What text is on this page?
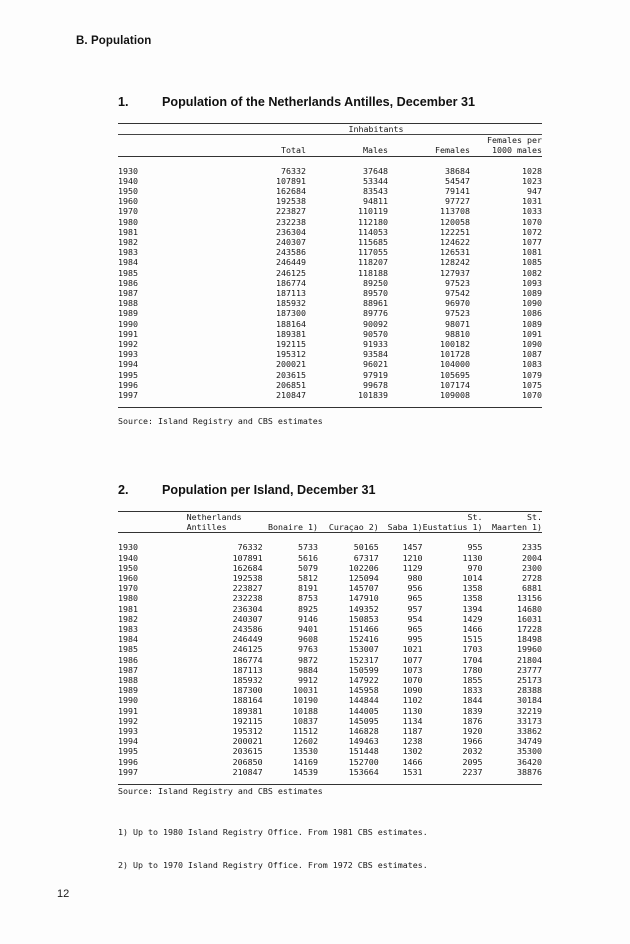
B. Population
1.	Population of the Netherlands Antilles, December 31

	Inhabitants			

	Total	Males	Females	Females per
1000 males

1930	76332	37648	38684	1028
1940	107891	53344	54547	1023
1950	162684	83543	79141	947
1960	192538	94811	97727	1031
1970	223827	110119	113708	1033
1980	232238	112180	120058	1070
1981	236304	114053	122251	1072
1982	240307	115685	124622	1077
1983	243586	117055	126531	1081
1984	246449	118207	128242	1085
1985	246125	118188	127937	1082
1986	186774	89250	97523	1093
1987	187113	89570	97542	1089
1988	185932	88961	96970	1090
1989	187300	89776	97523	1086
1990	188164	90092	98071	1089
1991	189381	90570	98810	1091
1992	192115	91933	100182	1090
1993	195312	93584	101728	1087
1994	200021	96021	104000	1083
1995	203615	97919	105695	1079
1996	206851	99678	107174	1075
1997	210847	101839	109008	1070

Source: Island Registry and CBS estimates
2.	Population per Island, December 31

	Netherlands
Antilles	Bonaire 1)	Curaçao 2)	Saba 1)	St.
Eustatius 1)	St.
Maarten 1)

1930	76332	5733	50165	1457	955	2335
1940	107891	5616	67317	1210	1130	2004
1950	162684	5079	102206	1129	970	2300
1960	192538	5812	125094	980	1014	2728
1970	223827	8191	145707	956	1358	6881
1980	232238	8753	147910	965	1358	13156
1981	236304	8925	149352	957	1394	14680
1982	240307	9146	150853	954	1429	16031
1983	243586	9401	151466	965	1466	17228
1984	246449	9608	152416	995	1515	18498
1985	246125	9763	153007	1021	1703	19960
1986	186774	9872	152317	1077	1704	21804
1987	187113	9884	150599	1073	1780	23777
1988	185932	9912	147922	1070	1855	25173
1989	187300	10031	145958	1090	1833	28388
1990	188164	10190	144844	1102	1844	30184
1991	189381	10188	144005	1130	1839	32219
1992	192115	10837	145095	1134	1876	33173
1993	195312	11512	146828	1187	1920	33862
1994	200021	12602	149463	1238	1966	34749
1995	203615	13530	151448	1302	2032	35300
1996	206850	14169	152700	1466	2095	36420
1997	210847	14539	153664	1531	2237	38876

Source: Island Registry and CBS estimates

1) Up to 1980 Island Registry Office. From 1981 CBS estimates.

2) Up to 1970 Island Registry Office. From 1972 CBS estimates.

12
